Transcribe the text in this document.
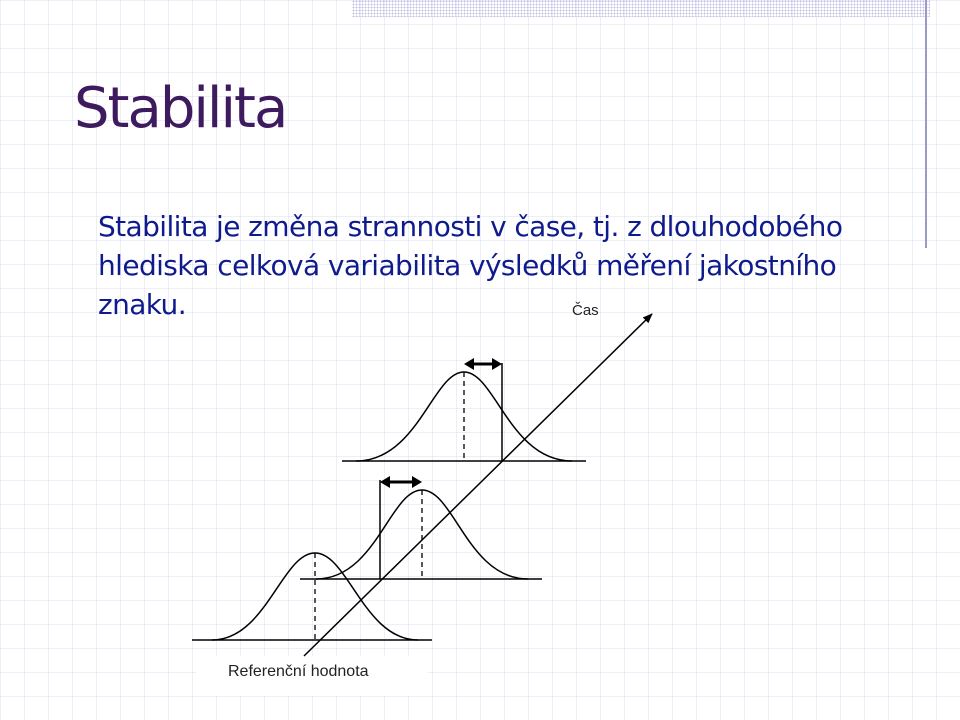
Stabilita

Stabilita je změna strannosti v čase, tj. z dlouhodobého hlediska celková variabilita výsledků měření jakostního znaku.	Čas
Referenční hodnota
